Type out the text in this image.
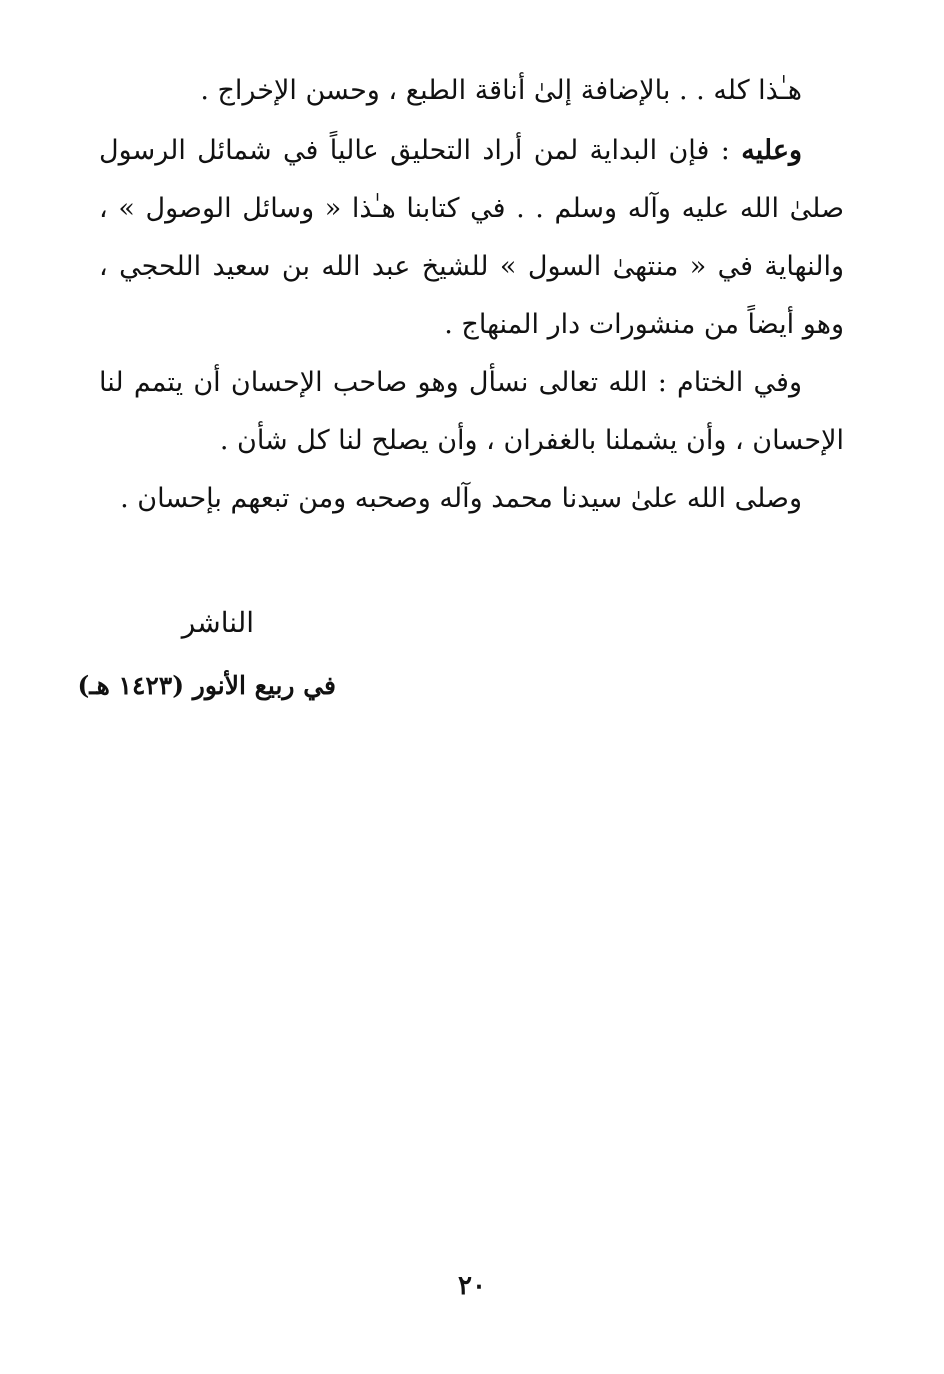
هـٰذا كله . . بالإضافة إلىٰ أناقة الطبع ، وحسن الإخراج .

وعليه : فإن البداية لمن أراد التحليق عالياً في شمائل الرسول صلىٰ الله عليه وآله وسلم . . في كتابنا هـٰذا « وسائل الوصول » ، والنهاية في « منتهىٰ السول » للشيخ عبد الله بن سعيد اللحجي ، وهو أيضاً من منشورات دار المنهاج .

وفي الختام : الله تعالى نسأل وهو صاحب الإحسان أن يتمم لنا الإحسان ، وأن يشملنا بالغفران ، وأن يصلح لنا كل شأن .

وصلى الله علىٰ سيدنا محمد وآله وصحبه ومن تبعهم بإحسان .

الناشر
في ربيع الأنور (١٤٢٣ هـ)
٢٠
